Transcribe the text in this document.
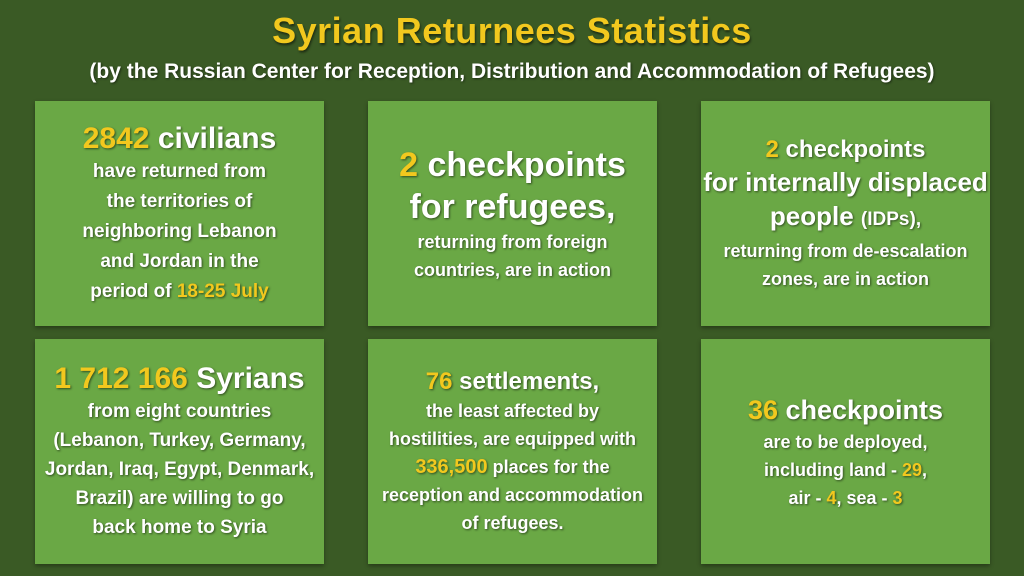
Syrian Returnees Statistics
(by the Russian Center for Reception, Distribution and Accommodation of Refugees)
2842 civilians
have returned from
the territories of
neighboring Lebanon
and Jordan in the
period of 18-25 July
2 checkpoints
for refugees,
returning from foreign
countries, are in action
2 checkpoints
for internally displaced
people (IDPs),
returning from de-escalation
zones, are in action
1 712 166 Syrians
from eight countries
(Lebanon, Turkey, Germany,
Jordan, Iraq, Egypt, Denmark,
Brazil) are willing to go
back home to Syria
76 settlements,
the least affected by
hostilities, are equipped with
336,500 places for the
reception and accommodation
of refugees.
36 checkpoints
are to be deployed,
including land - 29,
air - 4, sea - 3
